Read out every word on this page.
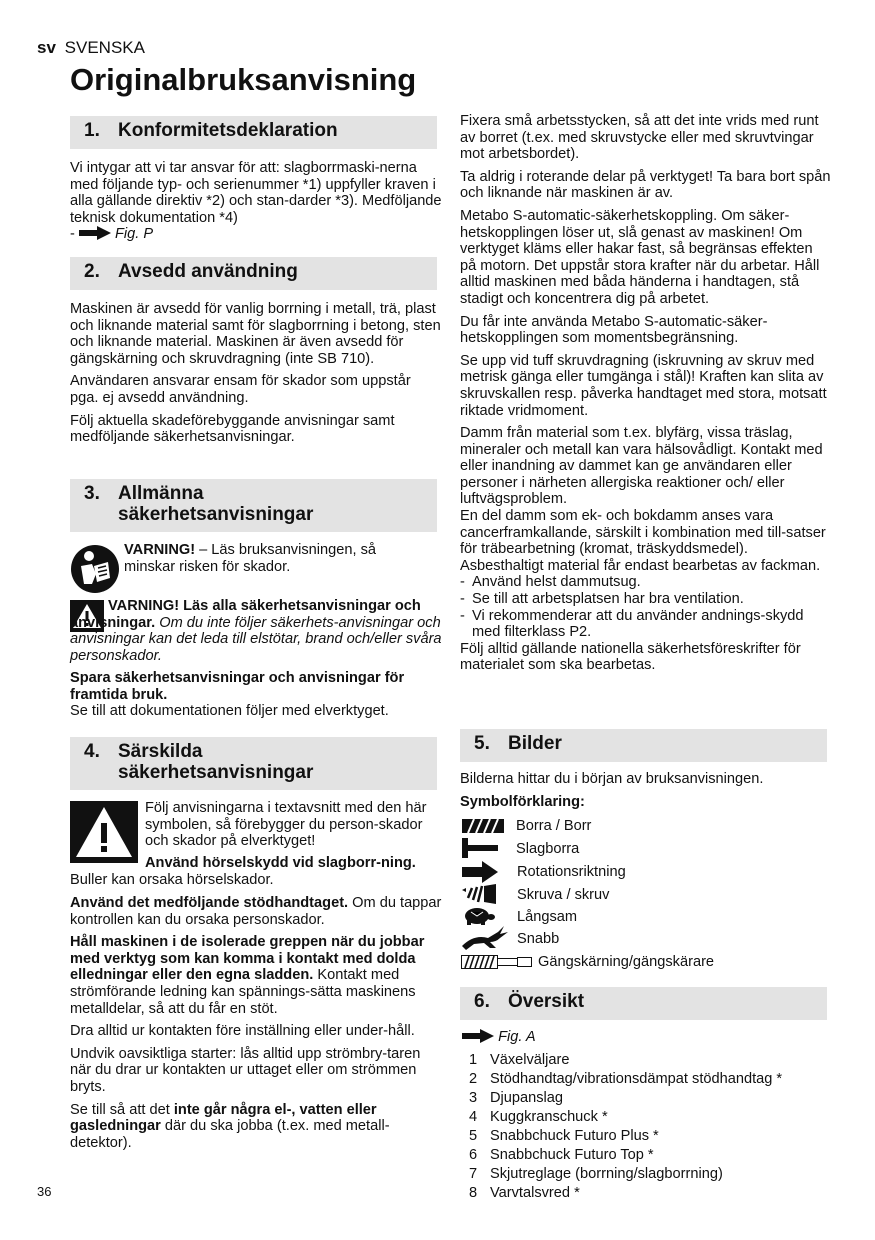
sv SVENSKA
Originalbruksanvisning
1. Konformitetsdeklaration

Vi intygar att vi tar ansvar för att: slagborrmaski-nerna med följande typ- och serienummer *1) uppfyller kraven i alla gällande direktiv *2) och stan-darder *3). Medföljande teknisk dokumentation *4)

-	Fig. P

2. Avsedd användning

Maskinen är avsedd för vanlig borrning i metall, trä, plast och liknande material samt för slagborrning i betong, sten och liknande material. Maskinen är även avsedd för gängskärning och skruvdragning (inte SB 710).

Användaren ansvarar ensam för skador som uppstår pga. ej avsedd användning.

Följ aktuella skadeförebyggande anvisningar samt medföljande säkerhetsanvisningar.

3. Allmänna
säkerhetsanvisningar
VARNING! – Läs bruksanvisningen, så minskar risken för skador.
VARNING! Läs alla säkerhetsanvisningar och anvisningar. Om du inte följer säkerhets-anvisningar och anvisningar kan det leda till elstötar, brand och/eller svåra personskador.

Spara säkerhetsanvisningar och anvisningar för framtida bruk.

Se till att dokumentationen följer med elverktyget.

4. Särskilda
säkerhetsanvisningar

Följ anvisningarna i textavsnitt med den här symbolen, så förebygger du person-skador och skador på elverktyget!

Använd hörselskydd vid slagborr-ning. Buller kan orsaka hörselskador.

Använd det medföljande stödhandtaget. Om du tappar kontrollen kan du orsaka personskador.

Håll maskinen i de isolerade greppen när du jobbar med verktyg som kan komma i kontakt med dolda elledningar eller den egna sladden. Kontakt med strömförande ledning kan spännings-sätta maskinens metalldelar, så att du får en stöt.

Dra alltid ur kontakten före inställning eller under-håll.

Undvik oavsiktliga starter: lås alltid upp strömbry-taren när du drar ur kontakten ur uttaget eller om strömmen bryts.

Se till så att det inte går några el-, vatten eller gasledningar där du ska jobba (t.ex. med metall-detektor).

36

Fixera små arbetsstycken, så att det inte vrids med runt av borret (t.ex. med skruvstycke eller med skruvtvingar mot arbetsbordet).

Ta aldrig i roterande delar på verktyget! Ta bara bort spån och liknande när maskinen är av.

Metabo S-automatic-säkerhetskoppling. Om säker-hetskopplingen löser ut, slå genast av maskinen! Om verktyget kläms eller hakar fast, så begränsas effekten på motorn. Det uppstår stora krafter när du arbetar. Håll alltid maskinen med båda händerna i handtagen, stå stadigt och koncentrera dig på arbetet.

Du får inte använda Metabo S-automatic-säker-hetskopplingen som momentsbegränsning.

Se upp vid tuff skruvdragning (iskruvning av skruv med metrisk gänga eller tumgänga i stål)! Kraften kan slita av skruvskallen resp. påverka handtaget med stora, motsatt riktade vridmoment.

Damm från material som t.ex. blyfärg, vissa träslag, mineraler och metall kan vara hälsovådligt. Kontakt med eller inandning av dammet kan ge användaren eller personer i närheten allergiska reaktioner och/ eller luftvägsproblem.

En del damm som ek- och bokdamm anses vara cancerframkallande, särskilt i kombination med till-satser för träbearbetning (kromat, träskyddsmedel). Asbesthaltigt material får endast bearbetas av fackman.

- Använd helst dammutsug.
- Se till att arbetsplatsen har bra ventilation.
- Vi rekommenderar att du använder andnings-skydd med filterklass P2.

Följ alltid gällande nationella säkerhetsföreskrifter för materialet som ska bearbetas.

5. Bilder

Bilderna hittar du i början av bruksanvisningen.

Symbolförklaring:

Borra / Borr
Slagborra
Rotationsriktning
Skruva / skruv
Långsam
Snabb
Gängskärning/gängskärare
6. Översikt
Fig. A
1 Växelväljare
2 Stödhandtag/vibrationsdämpat stödhandtag *
3 Djupanslag
4 Kuggkranschuck *
5 Snabbchuck Futuro Plus *
6 Snabbchuck Futuro Top *
7 Skjutreglage (borrning/slagborrning)
8 Varvtalsvred *
